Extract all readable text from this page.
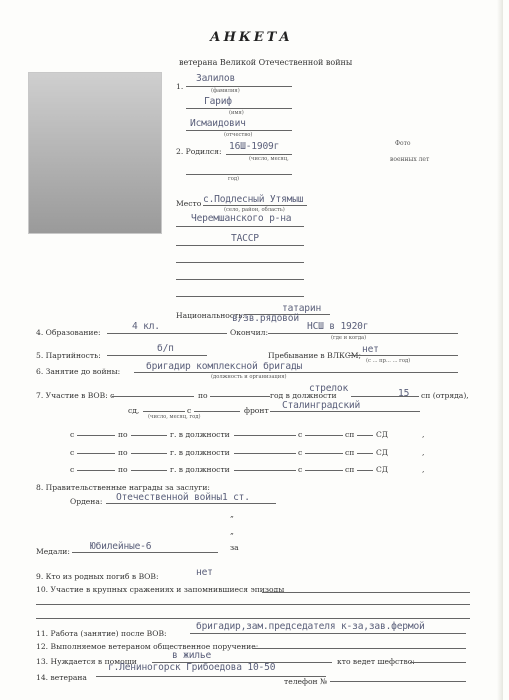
АНКЕТА
ветерана Великой Отечественной войны
Фото
военных лет
1.
Залилов
(фамилия)
Гариф
(имя)
Исмаидович
(отчество)
2. Родился: 16Ш-1909г
(число, месяц,
год)
Место с.Подлесный Утямыш
(село, район, область)
Черемшанского р-на
ТАССР
Национальность:
татарин
в/зв.рядовой
4. Образование:
4 кл.
Окончил:
НСШ в 1920г
(где и когда)
5. Партийность:
б/п
Пребывание в ВЛКСМ;
нет
(с ... пр... ... год)
6. Занятие до войны:	бригадир комплексной бригады
(должность и организация)
7. Участие в ВОВ: с	по	год в должности
стрелок	15 сп (отряда),
сд,	с	фронт Сталинградский
(число, месяц, год)
с	по	г. в должности	с	сп	СД	,
с	по	г. в должности	с	сп	СД	,
с	по	г. в должности	с	сп	СД	,
8. Правительственные награды за заслуги:
Ордена: Отечественной войны1 ст.
„
„
Медали: Юбилейные-6	за
9. Кто из родных погиб в ВОВ:	нет
10. Участие в крупных сражениях и запомнившиеся эпизоды
11. Работа (занятие) после ВОВ:
бригадир,зам.председателя к-за,зав.фермой
12. Выполняемое ветераном общественное поручение:
13. Нуждается в помощи
в жилье
кто ведет шефство:
14. ветерана
г.Лениногорск Грибоедова 10-50
телефон №
